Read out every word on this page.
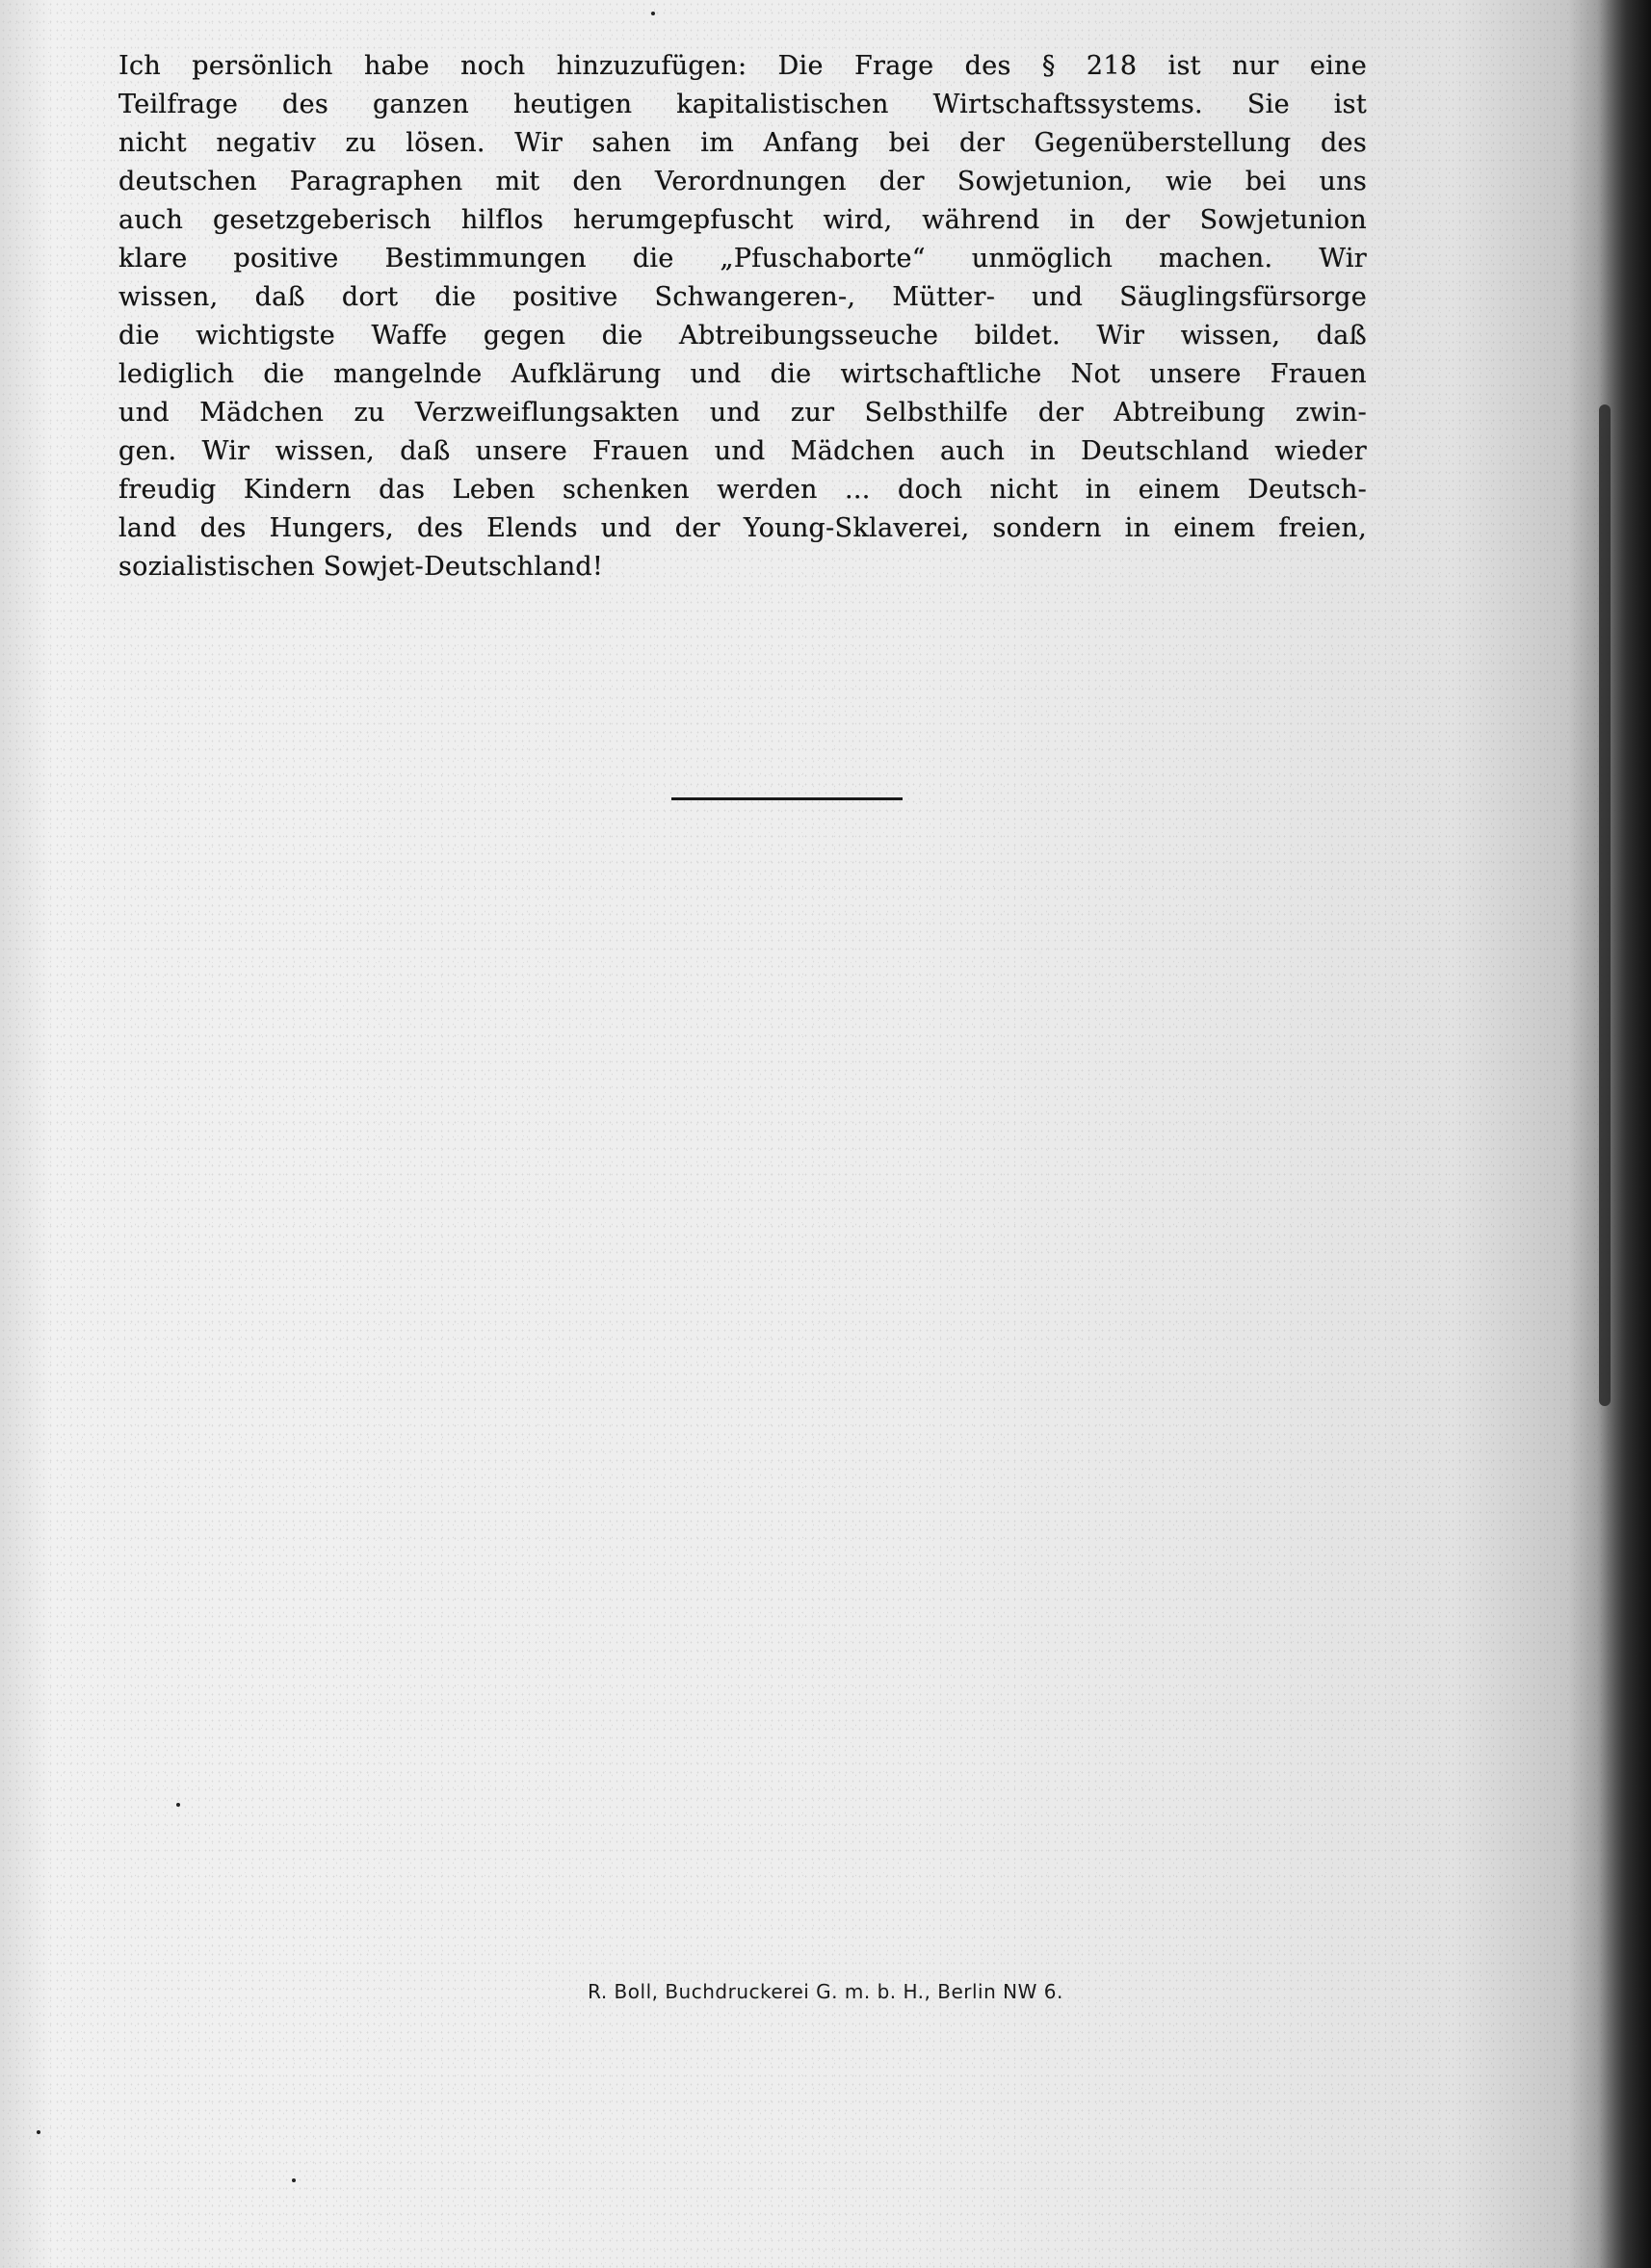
Ich persönlich habe noch hinzuzufügen: Die Frage des § 218 ist nur eine
Teilfrage des ganzen heutigen kapitalistischen Wirtschaftssystems. Sie ist
nicht negativ zu lösen. Wir sahen im Anfang bei der Gegenüberstellung des
deutschen Paragraphen mit den Verordnungen der Sowjetunion, wie bei uns
auch gesetzgeberisch hilflos herumgepfuscht wird, während in der Sowjetunion
klare positive Bestimmungen die „Pfuschaborte“ unmöglich machen. Wir
wissen, daß dort die positive Schwangeren-, Mütter- und Säuglingsfürsorge
die wichtigste Waffe gegen die Abtreibungsseuche bildet. Wir wissen, daß
lediglich die mangelnde Aufklärung und die wirtschaftliche Not unsere Frauen
und Mädchen zu Verzweiflungsakten und zur Selbsthilfe der Abtreibung zwin-
gen. Wir wissen, daß unsere Frauen und Mädchen auch in Deutschland wieder
freudig Kindern das Leben schenken werden ... doch nicht in einem Deutsch-
land des Hungers, des Elends und der Young-Sklaverei, sondern in einem freien,
sozialistischen Sowjet-Deutschland!
R. Boll, Buchdruckerei G. m. b. H., Berlin NW 6.
